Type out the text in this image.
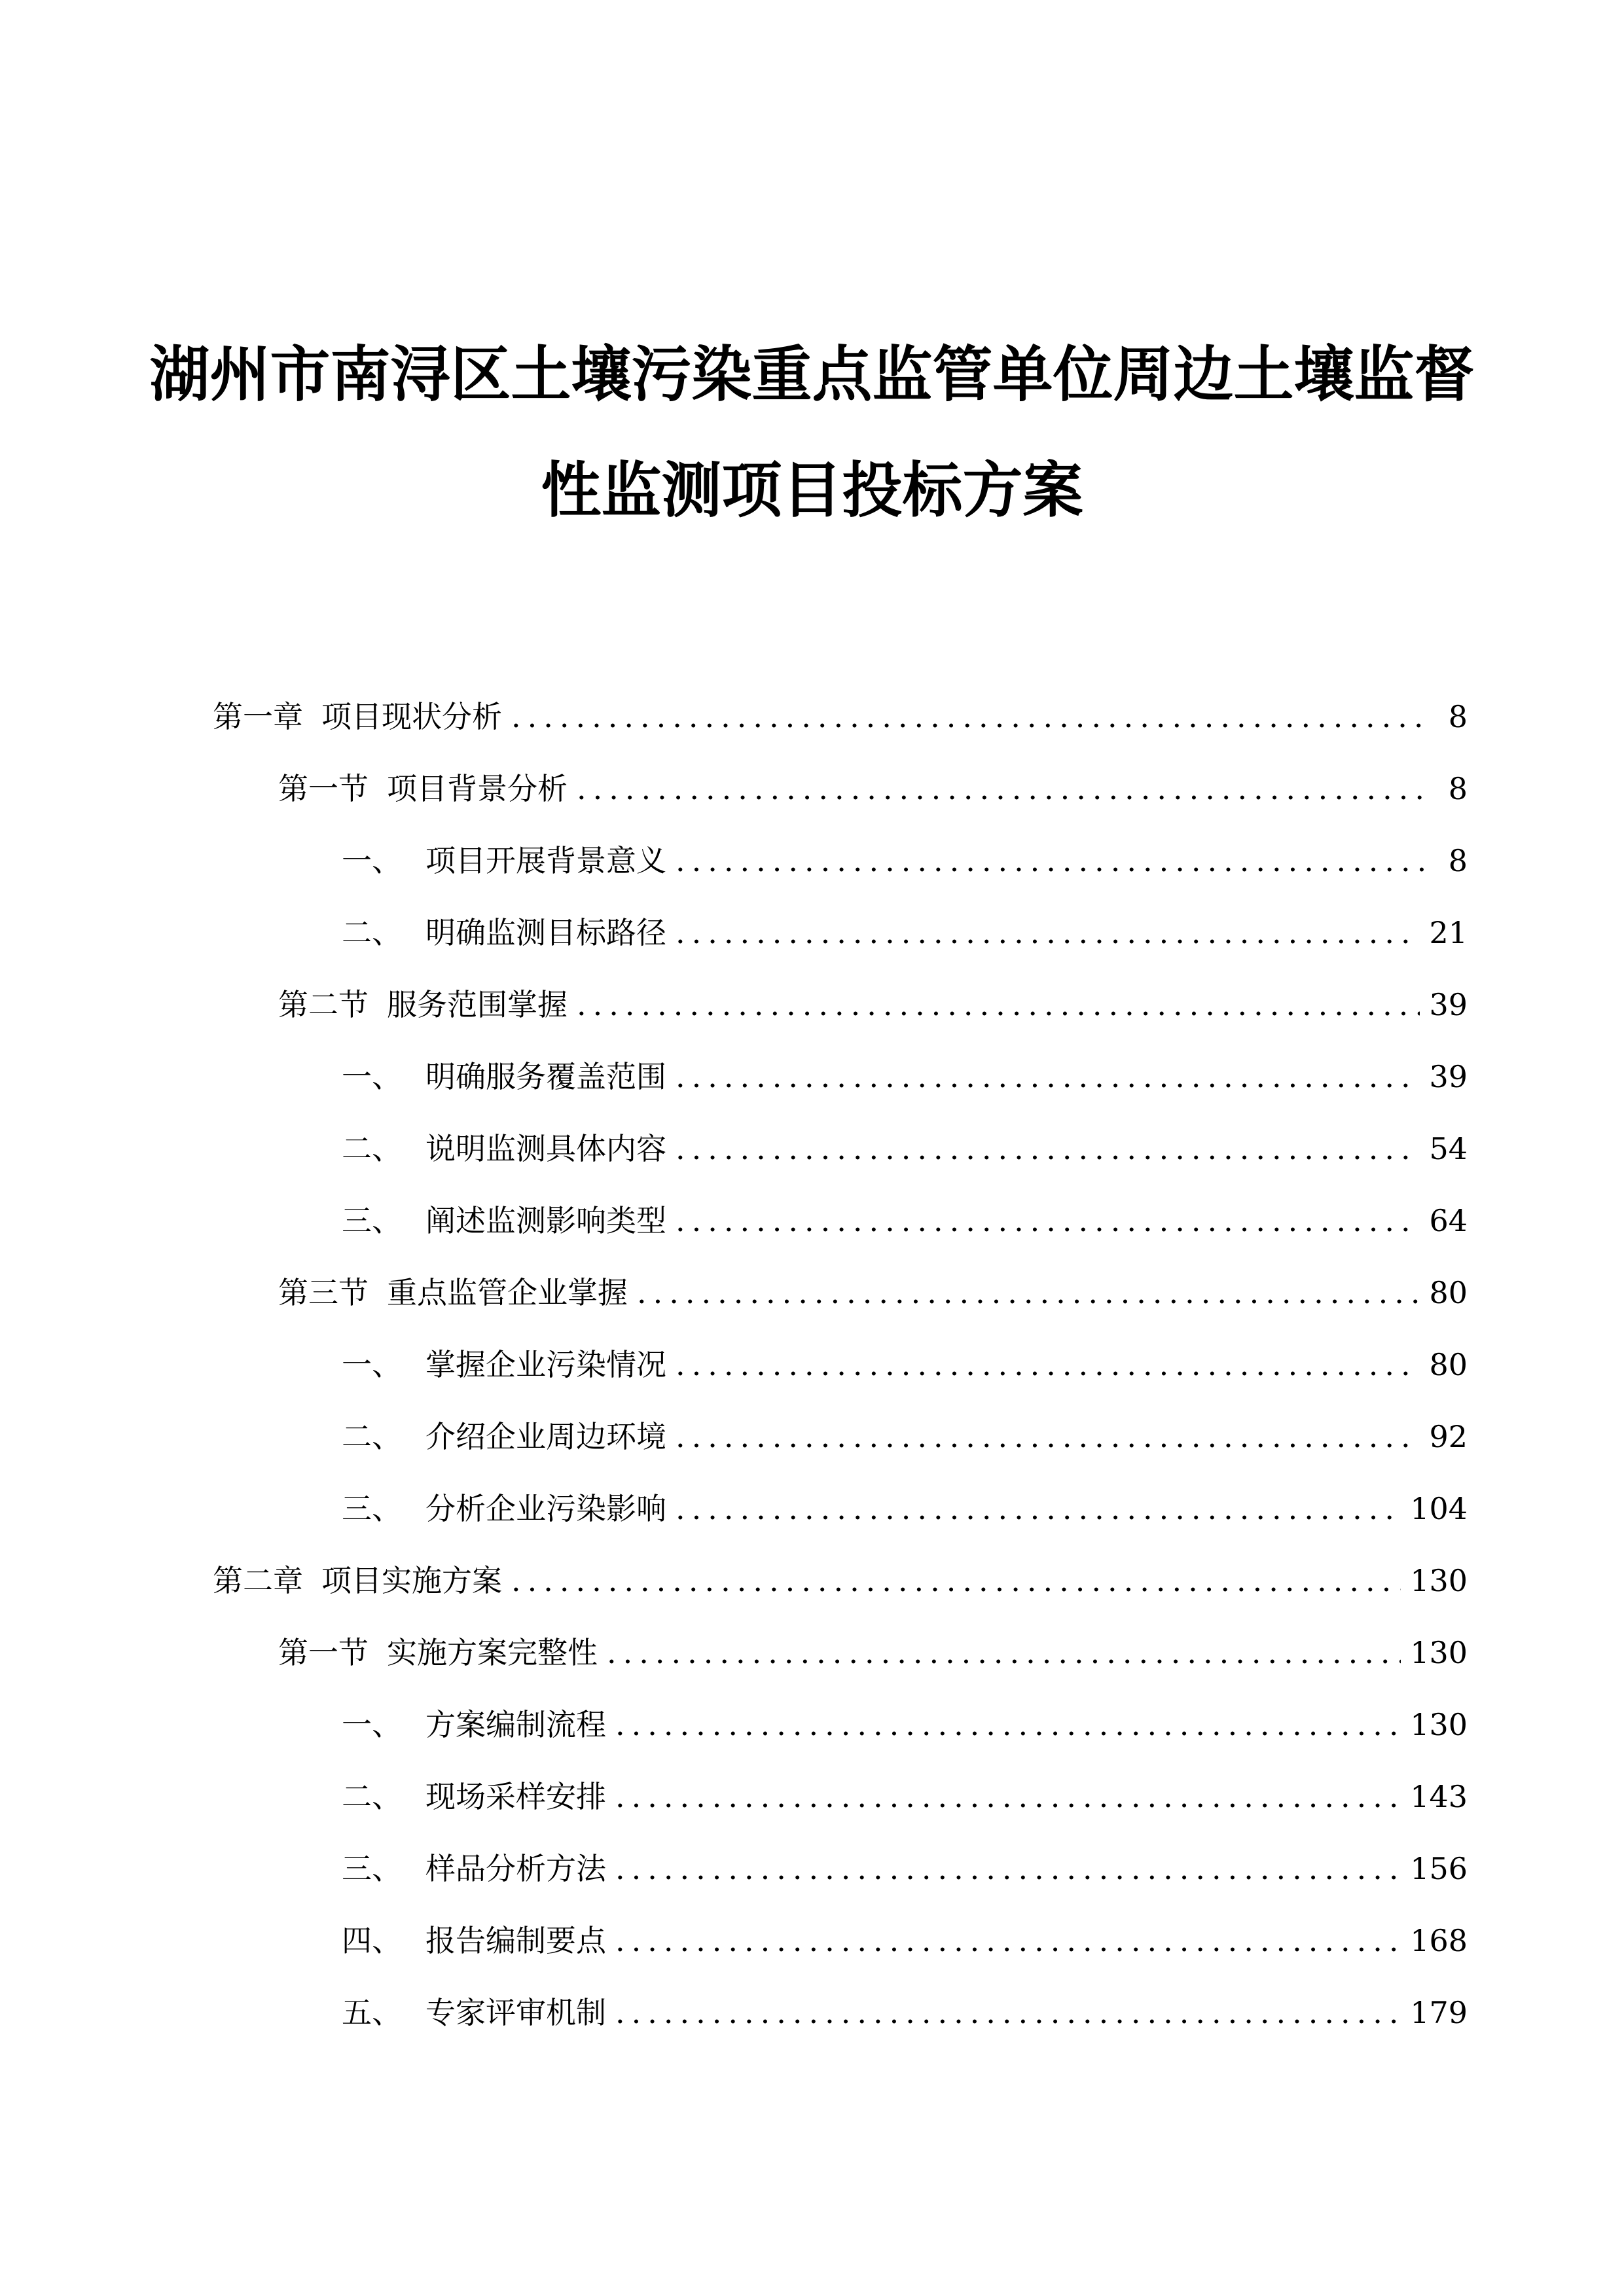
湖州市南浔区土壤污染重点监管单位周边土壤监督
性监测项目投标方案
第一章 项目现状分析 .....	8
第一节 项目背景分析 .....	8
一、 项目开展背景意义 .....	8
二、 明确监测目标路径 .....	21
第二节 服务范围掌握 .....	39
一、 明确服务覆盖范围 .....	39
二、 说明监测具体内容 .....	54
三、 阐述监测影响类型 .....	64
第三节 重点监管企业掌握 .....	80
一、 掌握企业污染情况 .....	80
二、 介绍企业周边环境 .....	92
三、 分析企业污染影响 .....	104
第二章 项目实施方案 .....	130
第一节 实施方案完整性 .....	130
一、 方案编制流程 .....	130
二、 现场采样安排 .....	143
三、 样品分析方法 .....	156
四、 报告编制要点 .....	168
五、 专家评审机制 .....	179
